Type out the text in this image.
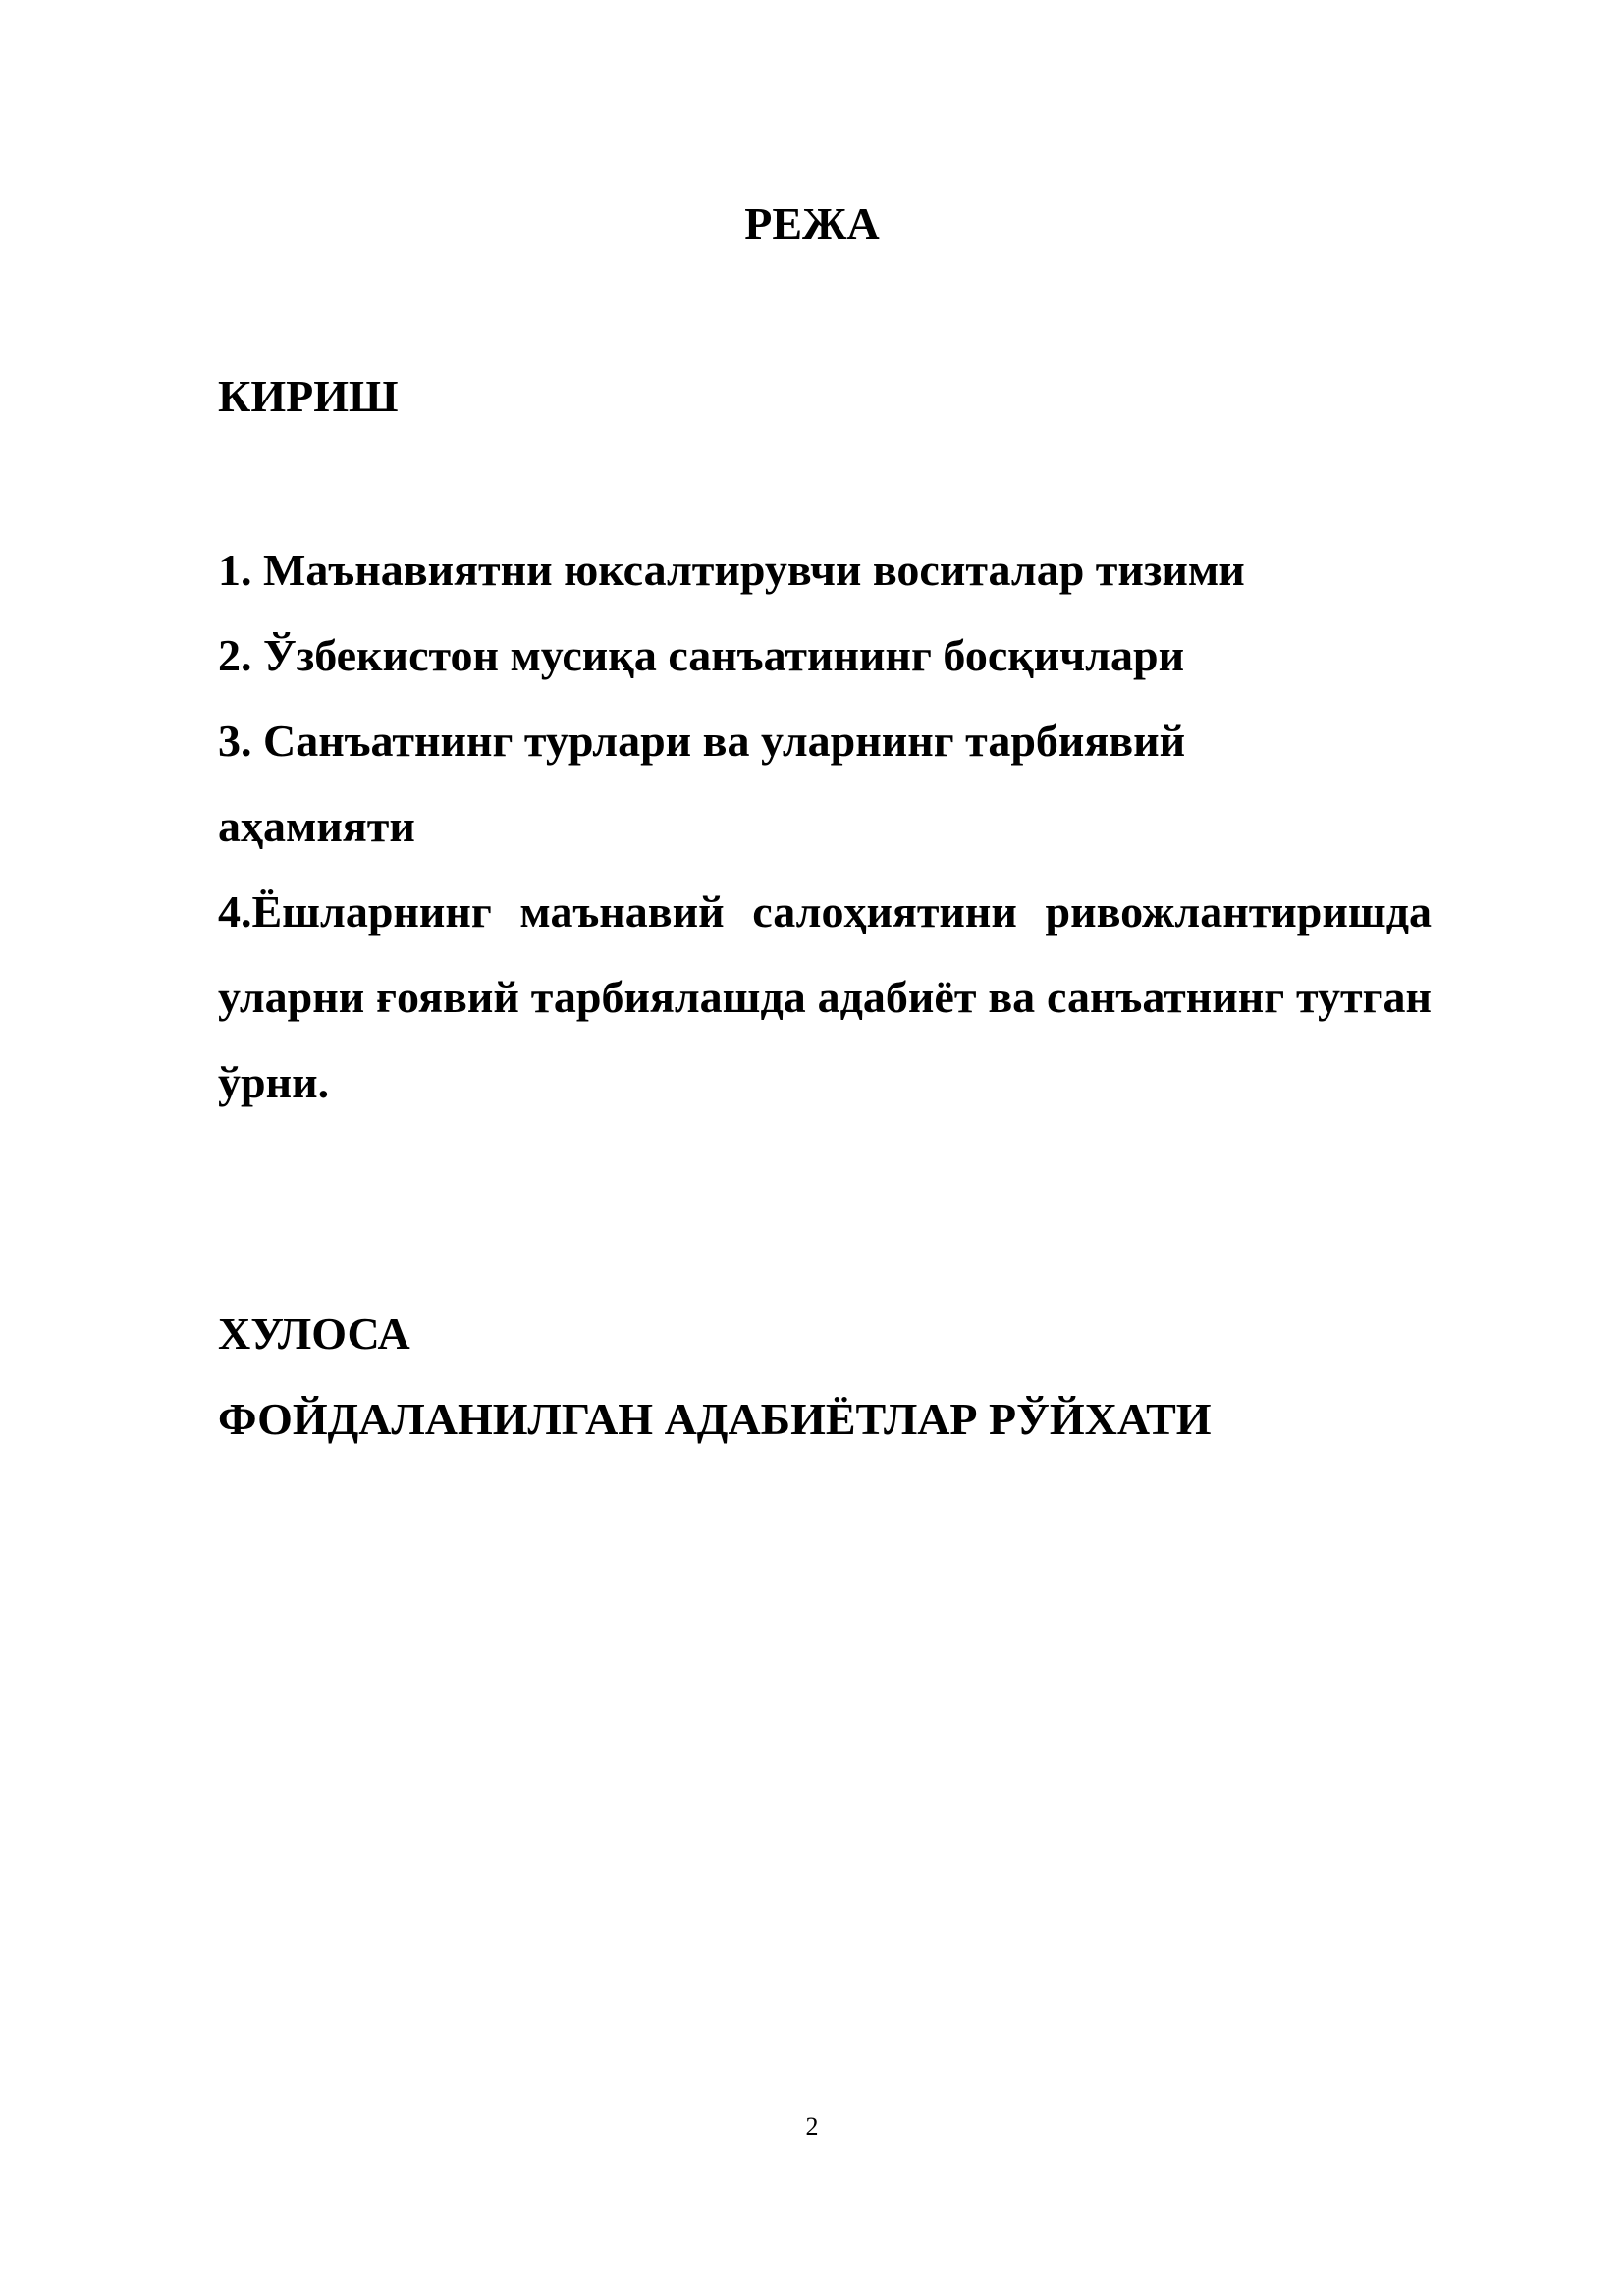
РЕЖА
КИРИШ

1. Маънавиятни юксалтирувчи воситалар тизими

2. Ўзбекистон мусиқа санъатининг босқичлари

3. Санъатнинг турлари ва уларнинг тарбиявий аҳамияти

4.Ёшларнинг маънавий салоҳиятини ривожлантиришда уларни ғоявий тарбиялашда адабиёт ва санъатнинг тутган ўрни.

ХУЛОСА
ФОЙДАЛАНИЛГАН АДАБИЁТЛАР РЎЙХАТИ
2
